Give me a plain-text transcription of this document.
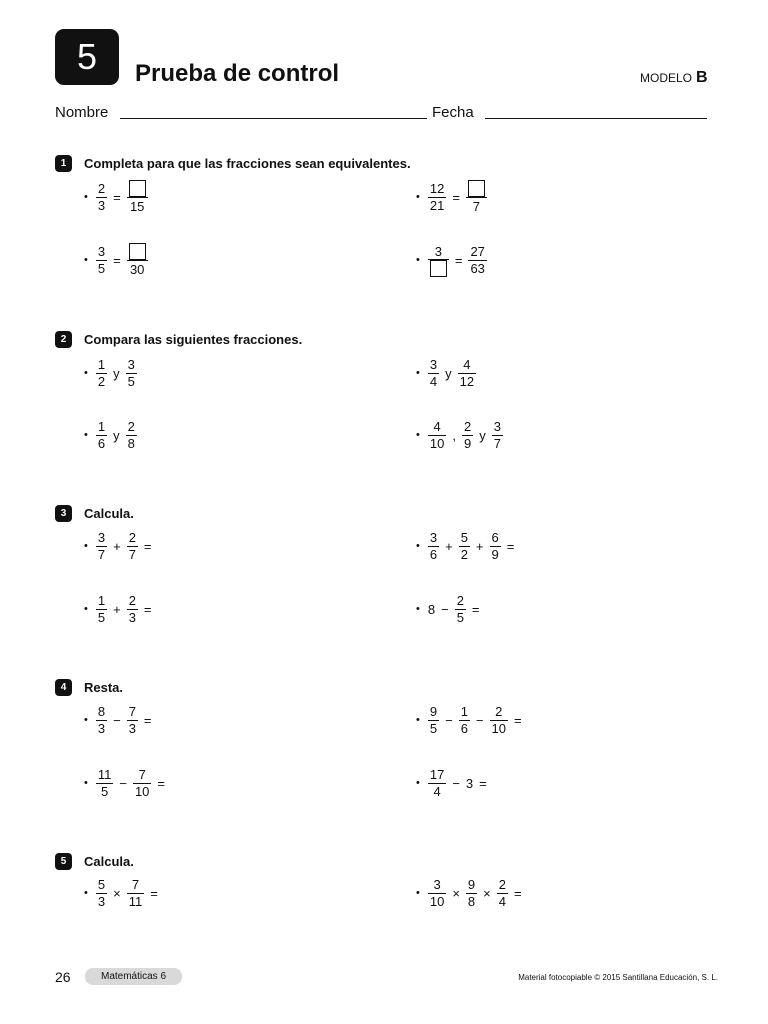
5 Prueba de control	MODELO B
Nombre	Fecha
1	Completa para que las fracciones sean equivalentes.
• $\frac{2}{3}$ =
15
• $\frac{12}{21}$ =
7
• $\frac{3}{5}$ =
30
•
3
= $\frac{27}{63}$
2	Compara las siguientes fracciones.
• $\frac{1}{2}$ y $\frac{3}{5}$	• $\frac{3}{4}$ y $\frac{4}{12}$
• $\frac{1}{6}$ y $\frac{2}{8}$	• $\frac{4}{10}$ , $\frac{2}{9}$ y $\frac{3}{7}$
3	Calcula.
• $\frac{3}{7} + \frac{2}{7}$ =	• $\frac{3}{6} + \frac{5}{2} + \frac{6}{9}$ =
• $\frac{1}{5} + \frac{2}{3}$ =	• $8 - \frac{2}{5}$ =
4	Resta.
• $\frac{8}{3} - \frac{7}{3}$ =	• $\frac{9}{5} - \frac{1}{6} - \frac{2}{10}$ =
• $\frac{11}{5} - \frac{7}{10}$ =	• $\frac{17}{4} - 3$ =
5	Calcula.
• $\frac{5}{3} \times \frac{7}{11}$ =	• $\frac{3}{10} \times \frac{9}{8} \times \frac{2}{4}$ =
26	Matemáticas 6	Material fotocopiable © 2015 Santillana Educación, S. L.
